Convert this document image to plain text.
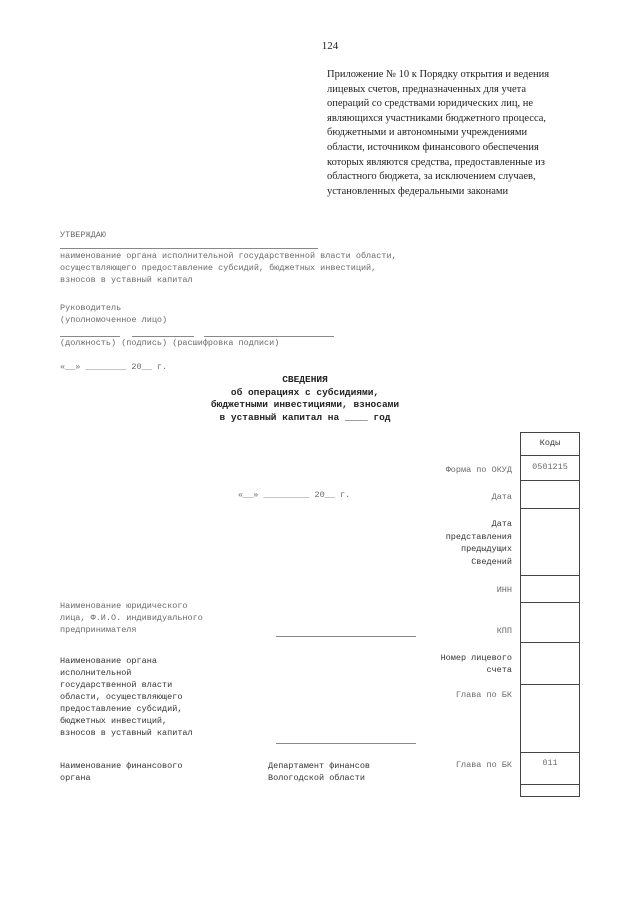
124
Приложение № 10 к Порядку открытия и ведения
лицевых счетов, предназначенных для учета
операций со средствами юридических лиц, не
являющихся участниками бюджетного процесса,
бюджетными и автономными учреждениями
области, источником финансового обеспечения
которых являются средства, предоставленные из
областного бюджета, за исключением случаев,
установленных федеральными законами
УТВЕРЖДАЮ
наименование органа исполнительной государственной власти области,
осуществляющего предоставление субсидий, бюджетных инвестиций,
взносов в уставный капитал
Руководитель
(уполномоченное лицо)
(должность) (подпись) (расшифровка подписи)
«__» ________ 20__ г.
СВЕДЕНИЯ
об операциях с субсидиями,
бюджетными инвестициями, взносами
в уставный капитал на ____ год
Коды
0501215
011
Форма по ОКУД
«__» _________ 20__ г.	Дата
Дата
представления
предыдущих
Сведений
ИНН
Наименование юридического
лица, Ф.И.О. индивидуального
предпринимателя	КПП
Наименование органа
исполнительной
государственной власти
области, осуществляющего
предоставление субсидий,
бюджетных инвестиций,
взносов в уставный капитал
Номер лицевого
счета
Глава по БК
Наименование финансового
органа
Департамент финансов
Вологодской области
Глава по БК
